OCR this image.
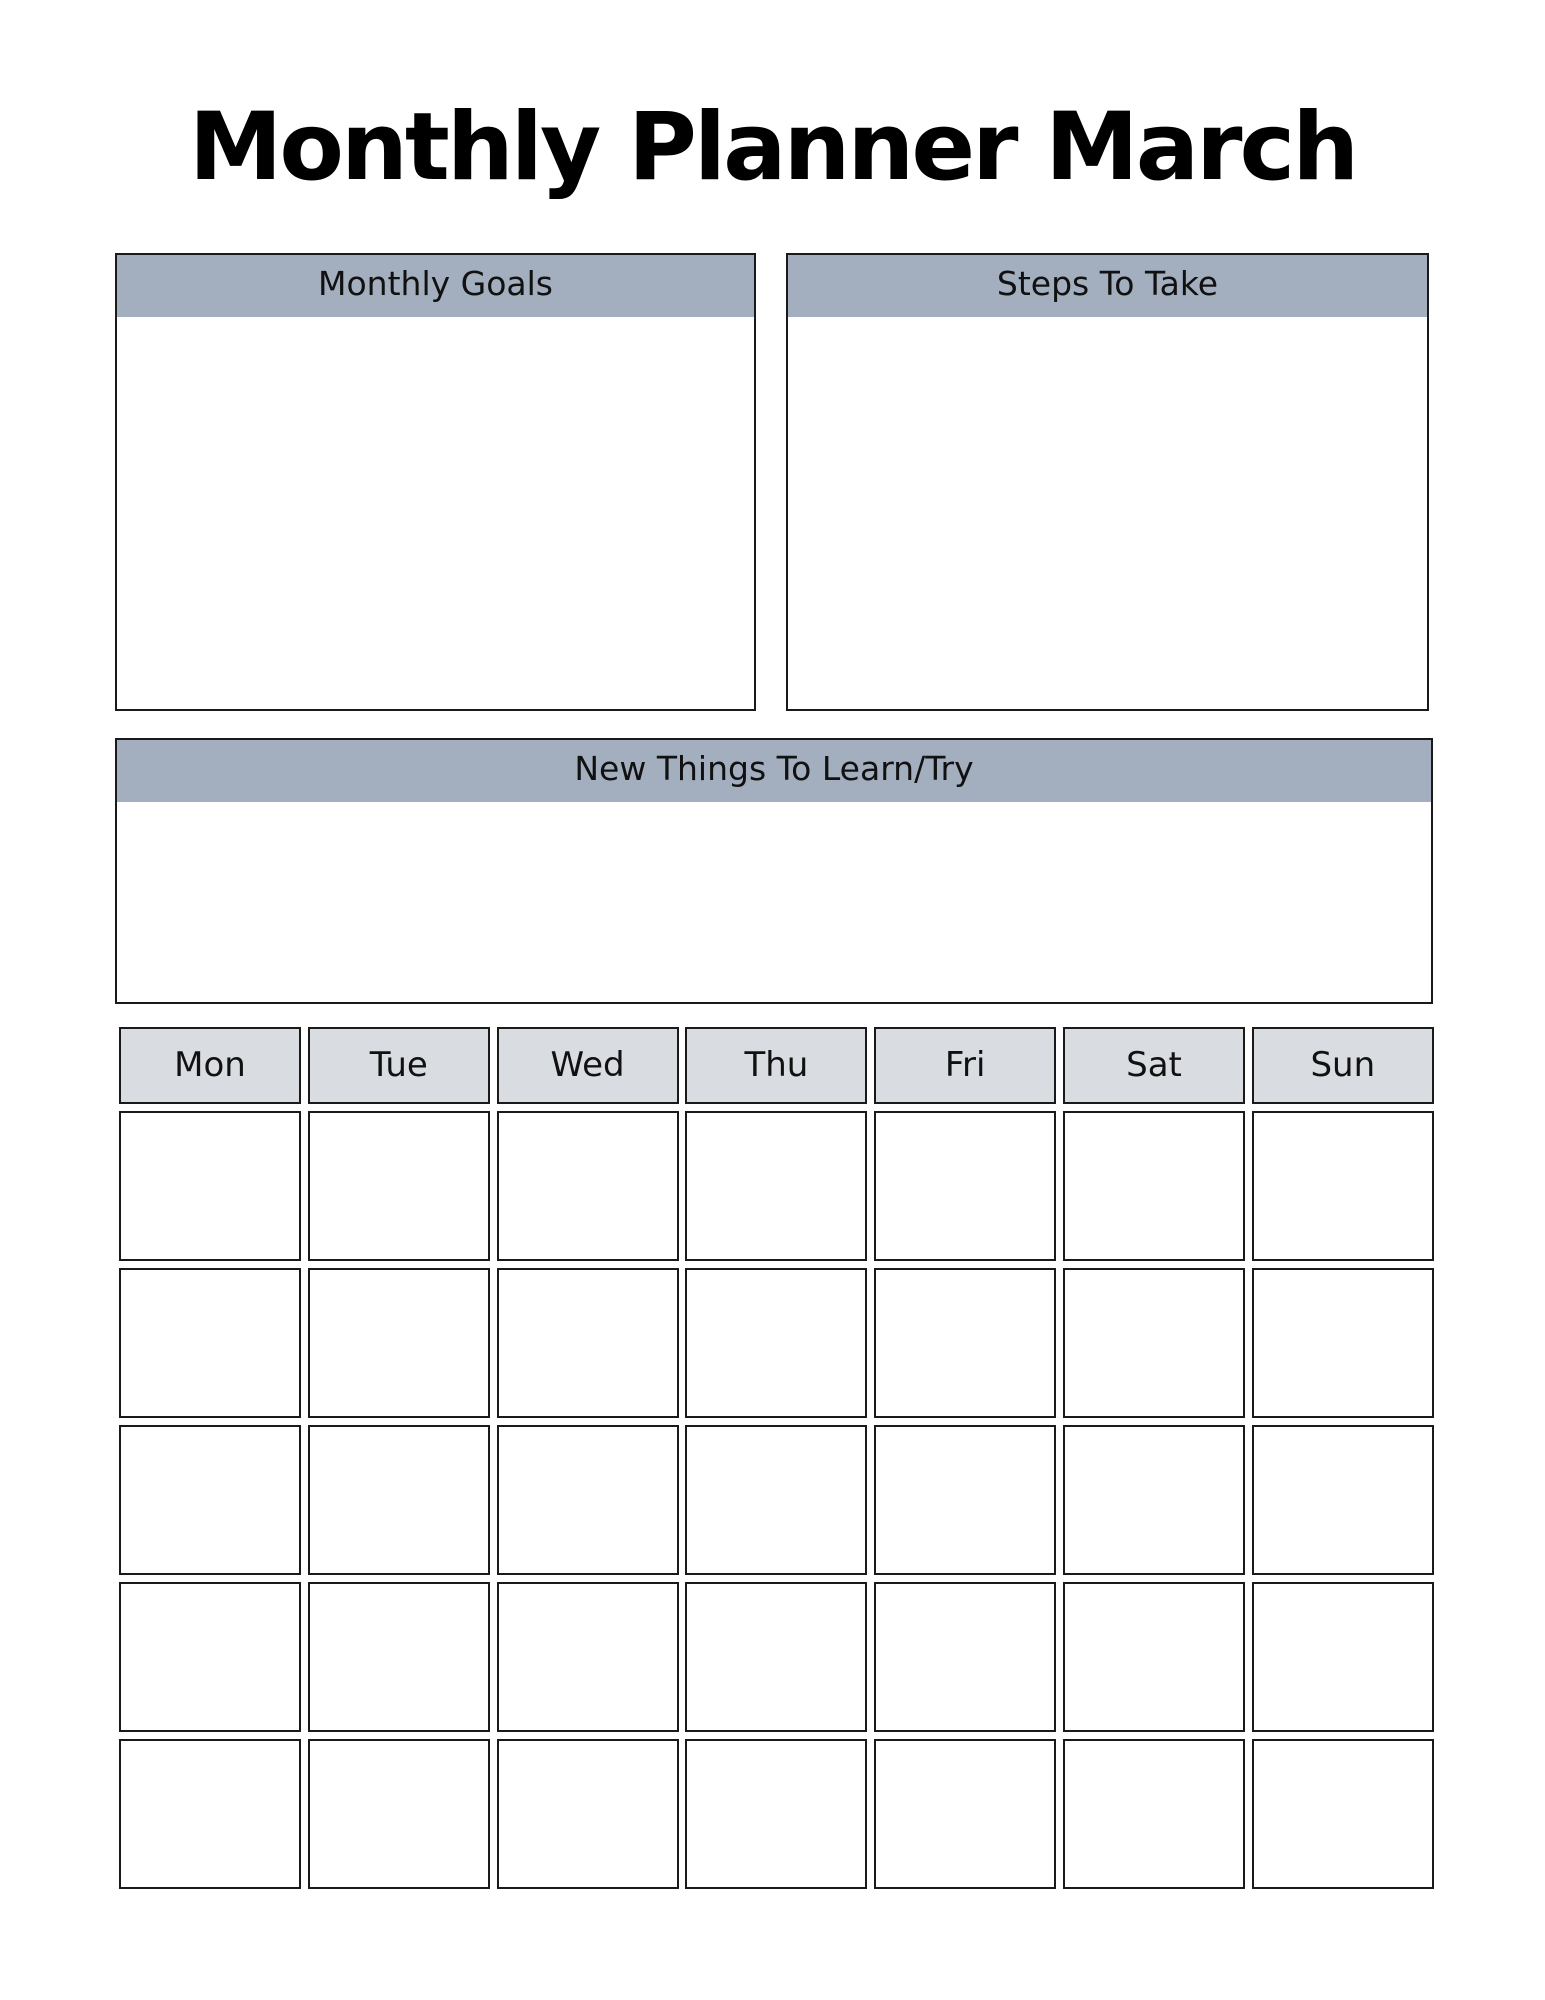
Monthly Planner March
Monthly Goals	Steps To Take
New Things To Learn/Try
Mon	Tue	Wed	Thu	Fri	Sat	Sun
